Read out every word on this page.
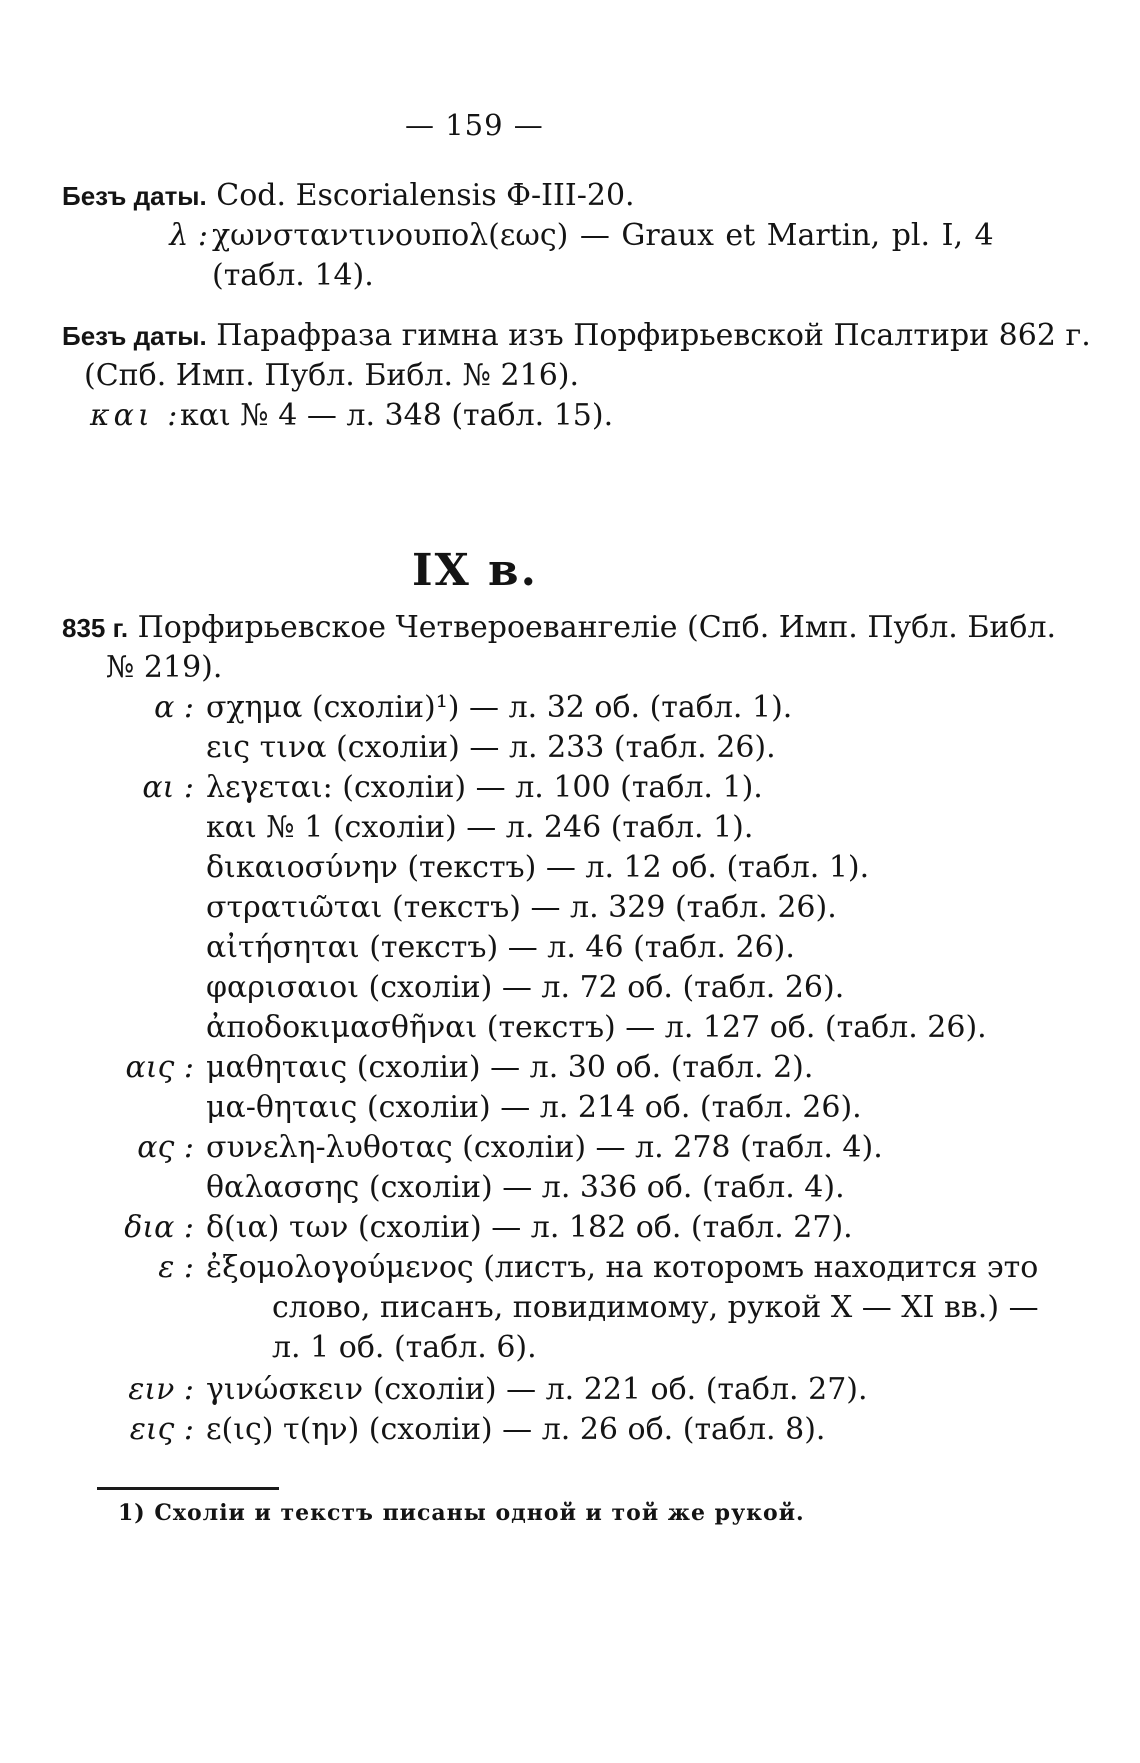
— 159 —
Безъ даты. Cod. Escorialensis Ф-III-20.
λ : χωνσταντινουπολ(εως) — Graux et Martin, pl. I, 4
(табл. 14).
Безъ даты. Парафраза гимна изъ Порфирьевской Псалтири 862 г.
(Спб. Имп. Публ. Библ. № 216).
και :
και № 4 — л. 348 (табл. 15).
IX в.
835 г. Порфирьевское Четвероевангеліе (Спб. Имп. Публ. Библ.
№ 219).
α : σχημα (схоліи)¹) — л. 32 об. (табл. 1).
εις τινα (схоліи) — л. 233 (табл. 26).
αι : λεγεται: (схоліи) — л. 100 (табл. 1).
και № 1 (схоліи) — л. 246 (табл. 1).
δικαιοσύνην (текстъ) — л. 12 об. (табл. 1).
στρατιῶται (текстъ) — л. 329 (табл. 26).
αἰτήσηται (текстъ) — л. 46 (табл. 26).
φαρισαιοι (схоліи) — л. 72 об. (табл. 26).
ἀποδοκιμασθῆναι (текстъ) — л. 127 об. (табл. 26).
αις : μαθηταις (схоліи) — л. 30 об. (табл. 2).
μα-θηταις (схоліи) — л. 214 об. (табл. 26).
ας : συνελη-λυθοτας (схоліи) — л. 278 (табл. 4).
θαλασσης (схоліи) — л. 336 об. (табл. 4).
δια : δ(ια) των (схоліи) — л. 182 об. (табл. 27).
ε : ἐξομολογούμενος (листъ, на которомъ находится это
слово, писанъ, повидимому, рукой X — XI вв.) —
л. 1 об. (табл. 6).
ειν : γινώσκειν (схоліи) — л. 221 об. (табл. 27).
εις : ε(ις) τ(ην) (схоліи) — л. 26 об. (табл. 8).
1) Схоліи и текстъ писаны одной и той же рукой.
